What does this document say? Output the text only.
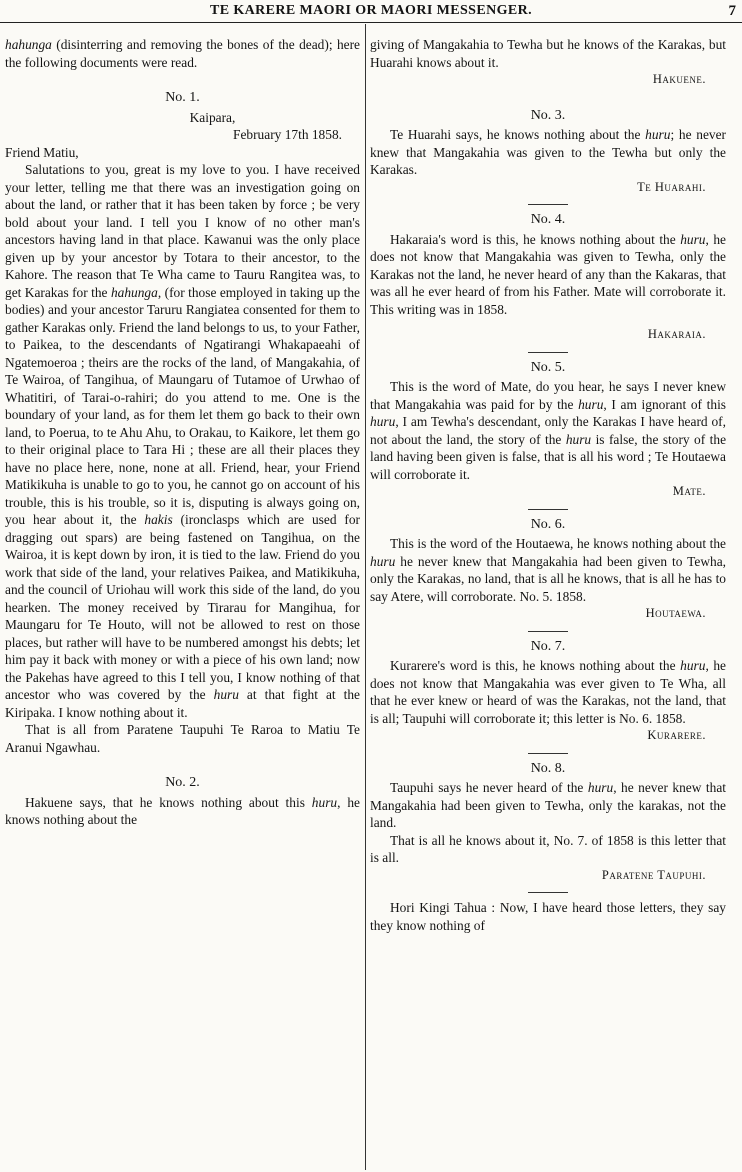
TE KARERE MAORI OR MAORI MESSENGER.	7

hahunga (disinterring and removing the bones of the dead); here the following documents were read.

No. 1.

Kaipara,

February 17th 1858.

Friend Matiu,

Salutations to you, great is my love to you. I have received your letter, telling me that there was an investigation going on about the land, or rather that it has been taken by force ; be very bold about your land. I tell you I know of no other man's ancestors having land in that place. Kawanui was the only place given up by your ancestor by Totara to their ancestor, to the Kahore. The reason that Te Wha came to Tauru Rangitea was, to get Karakas for the hahunga, (for those employed in taking up the bodies) and your ancestor Taruru Rangiatea consented for them to gather Karakas only. Friend the land belongs to us, to your Father, to Paikea, to the descendants of Ngatirangi Whakapaeahi of Ngatemoeroa ; theirs are the rocks of the land, of Mangakahia, of Te Wairoa, of Tangihua, of Maungaru of Tutamoe of Urwhao of Whatitiri, of Tarai-o-rahiri; do you attend to me. One is the boundary of your land, as for them let them go back to their own land, to Poerua, to te Ahu Ahu, to Orakau, to Kaikore, let them go to their original place to Tara Hi ; these are all their places they have no place here, none, none at all. Friend, hear, your Friend Matikikuha is unable to go to you, he cannot go on account of his trouble, this is his trouble, so it is, disputing is always going on, you hear about it, the hakis (ironclasps which are used for dragging out spars) are being fastened on Tangihua, on the Wairoa, it is kept down by iron, it is tied to the law. Friend do you work that side of the land, your relatives Paikea, and Matikikuha, and the council of Uriohau will work this side of the land, do you hearken. The money received by Tirarau for Mangihua, for Maungaru for Te Houto, will not be allowed to rest on those places, but rather will have to be numbered amongst his debts; let him pay it back with money or with a piece of his own land; now the Pakehas have agreed to this I tell you, I know nothing of that ancestor who was covered by the huru at that fight at the Kiripaka. I know nothing about it.

That is all from Paratene Taupuhi Te Raroa to Matiu Te Aranui Ngawhau.

No. 2.

Hakuene says, that he knows nothing about this huru, he knows nothing about the

giving of Mangakahia to Tewha but he knows of the Karakas, but Huarahi knows about it.

Hakuene.

No. 3.

Te Huarahi says, he knows nothing about the huru; he never knew that Mangakahia was given to the Tewha but only the Karakas.

Te Huarahi.

No. 4.

Hakaraia's word is this, he knows nothing about the huru, he does not know that Mangakahia was given to Tewha, only the Karakas not the land, he never heard of any than the Kakaras, that was all he ever heard of from his Father. Mate will corroborate it. This writing was in 1858.

Hakaraia.

No. 5.

This is the word of Mate, do you hear, he says I never knew that Mangakahia was paid for by the huru, I am ignorant of this huru, I am Tewha's descendant, only the Karakas I have heard of, not about the land, the story of the huru is false, the story of the land having been given is false, that is all his word ; Te Houtaewa will corroborate it.

Mate.

No. 6.

This is the word of the Houtaewa, he knows nothing about the huru he never knew that Mangakahia had been given to Tewha, only the Karakas, no land, that is all he knows, that is all he has to say Atere, will corroborate. No. 5. 1858.

Houtaewa.

No. 7.

Kurarere's word is this, he knows nothing about the huru, he does not know that Mangakahia was ever given to Te Wha, all that he ever knew or heard of was the Karakas, not the land, that is all; Taupuhi will corroborate it; this letter is No. 6. 1858.

Kurarere.

No. 8.

Taupuhi says he never heard of the huru, he never knew that Mangakahia had been given to Tewha, only the karakas, not the land.

That is all he knows about it, No. 7. of 1858 is this letter that is all.

Paratene Taupuhi.

Hori Kingi Tahua : Now, I have heard those letters, they say they know nothing of
